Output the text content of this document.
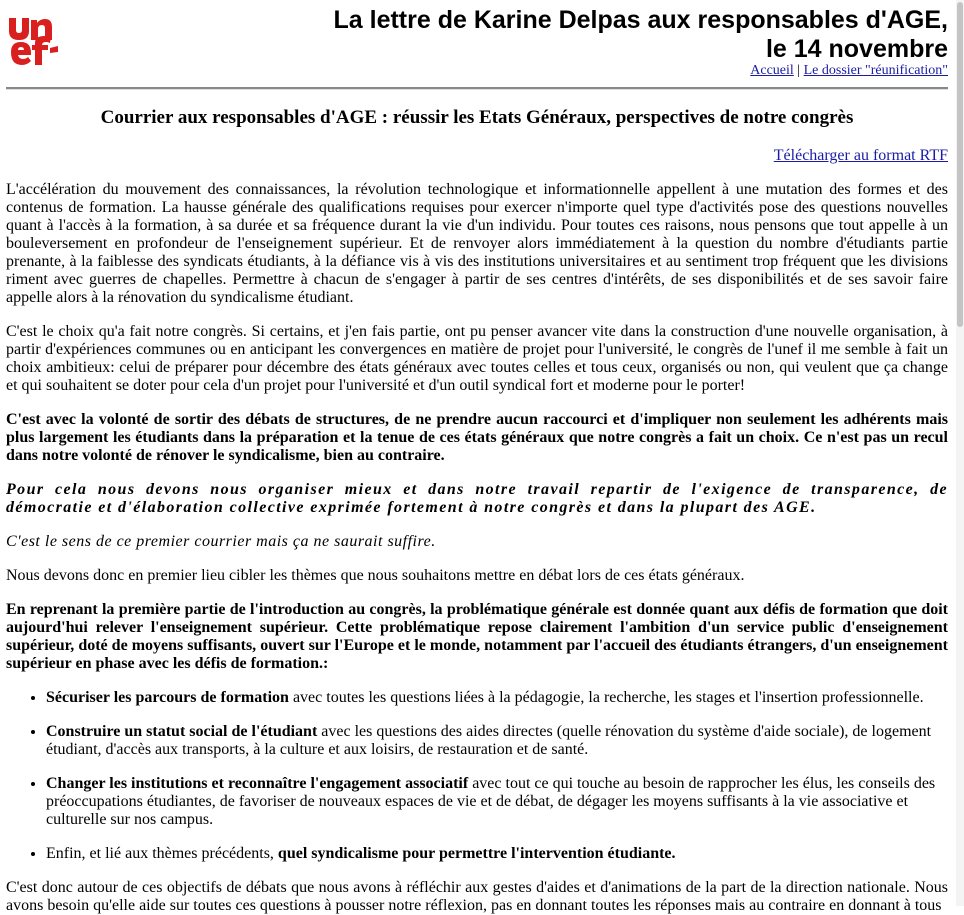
La lettre de Karine Delpas aux responsables d'AGE,
le 14 novembre
Accueil | Le dossier "réunification"
Courrier aux responsables d'AGE : réussir les Etats Généraux, perspectives de notre congrès
Télécharger au format RTF

L'accélération du mouvement des connaissances, la révolution technologique et informationnelle appellent à une mutation des formes et des contenus de formation. La hausse générale des qualifications requises pour exercer n'importe quel type d'activités pose des questions nouvelles quant à l'accès à la formation, à sa durée et sa fréquence durant la vie d'un individu. Pour toutes ces raisons, nous pensons que tout appelle à un bouleversement en profondeur de l'enseignement supérieur. Et de renvoyer alors immédiatement à la question du nombre d'étudiants partie prenante, à la faiblesse des syndicats étudiants, à la défiance vis à vis des institutions universitaires et au sentiment trop fréquent que les divisions riment avec guerres de chapelles. Permettre à chacun de s'engager à partir de ses centres d'intérêts, de ses disponibilités et de ses savoir faire appelle alors à la rénovation du syndicalisme étudiant.

C'est le choix qu'a fait notre congrès. Si certains, et j'en fais partie, ont pu penser avancer vite dans la construction d'une nouvelle organisation, à partir d'expériences communes ou en anticipant les convergences en matière de projet pour l'université, le congrès de l'unef il me semble à fait un choix ambitieux: celui de préparer pour décembre des états généraux avec toutes celles et tous ceux, organisés ou non, qui veulent que ça change et qui souhaitent se doter pour cela d'un projet pour l'université et d'un outil syndical fort et moderne pour le porter!

C'est avec la volonté de sortir des débats de structures, de ne prendre aucun raccourci et d'impliquer non seulement les adhérents mais plus largement les étudiants dans la préparation et la tenue de ces états généraux que notre congrès a fait un choix. Ce n'est pas un recul dans notre volonté de rénover le syndicalisme, bien au contraire.

Pour cela nous devons nous organiser mieux et dans notre travail repartir de l'exigence de transparence, de démocratie et d'élaboration collective exprimée fortement à notre congrès et dans la plupart des AGE.

C'est le sens de ce premier courrier mais ça ne saurait suffire.

Nous devons donc en premier lieu cibler les thèmes que nous souhaitons mettre en débat lors de ces états généraux.

En reprenant la première partie de l'introduction au congrès, la problématique générale est donnée quant aux défis de formation que doit aujourd'hui relever l'enseignement supérieur. Cette problématique repose clairement l'ambition d'un service public d'enseignement supérieur, doté de moyens suffisants, ouvert sur l'Europe et le monde, notamment par l'accueil des étudiants étrangers, d'un enseignement supérieur en phase avec les défis de formation.:

• Sécuriser les parcours de formation avec toutes les questions liées à la pédagogie, la recherche, les stages et l'insertion professionnelle.
• Construire un statut social de l'étudiant avec les questions des aides directes (quelle rénovation du système d'aide sociale), de logement étudiant, d'accès aux transports, à la culture et aux loisirs, de restauration et de santé.
• Changer les institutions et reconnaître l'engagement associatif avec tout ce qui touche au besoin de rapprocher les élus, les conseils des préoccupations étudiantes, de favoriser de nouveaux espaces de vie et de débat, de dégager les moyens suffisants à la vie associative et culturelle sur nos campus.
• Enfin, et lié aux thèmes précédents, quel syndicalisme pour permettre l'intervention étudiante.

C'est donc autour de ces objectifs de débats que nous avons à réfléchir aux gestes d'aides et d'animations de la part de la direction nationale. Nous avons besoin qu'elle aide sur toutes ces questions à pousser notre réflexion, pas en donnant toutes les réponses mais au contraire en donnant à tous
